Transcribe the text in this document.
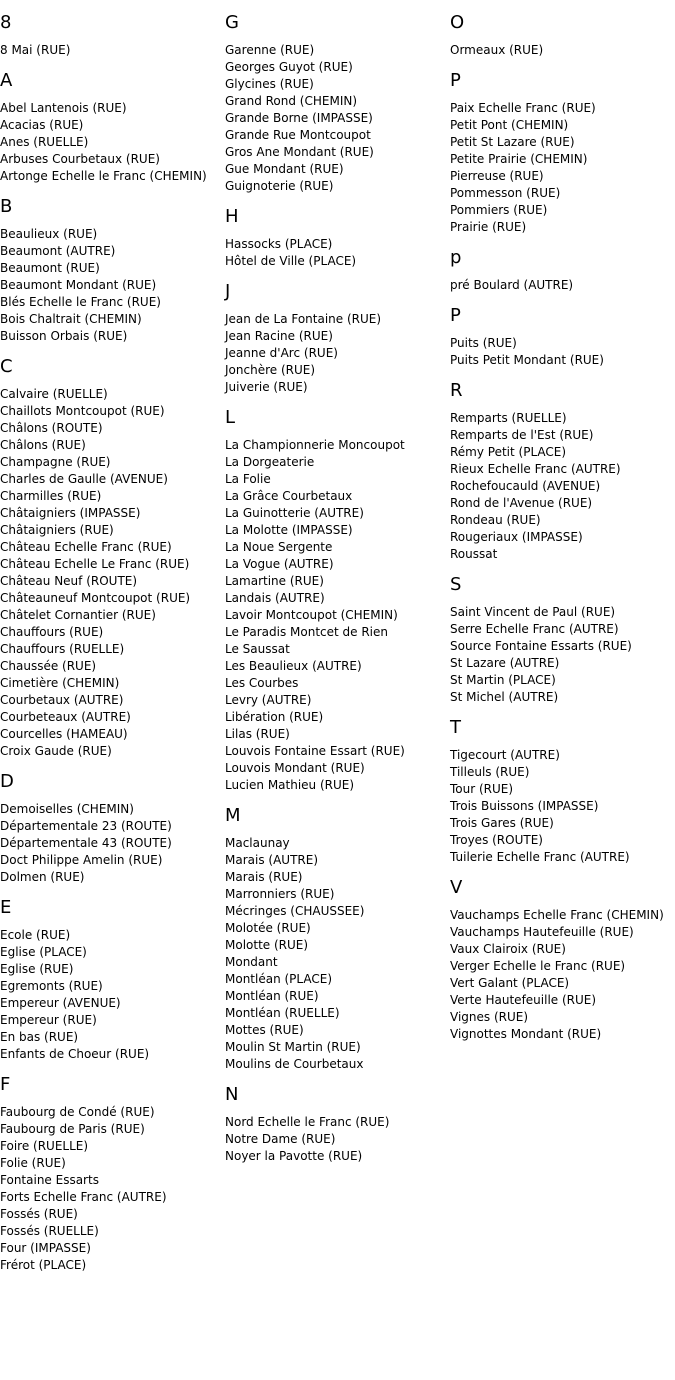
8
8 Mai (RUE)
A
Abel Lantenois (RUE)
Acacias (RUE)
Anes (RUELLE)
Arbuses Courbetaux (RUE)
Artonge Echelle le Franc (CHEMIN)
B
Beaulieux (RUE)
Beaumont (AUTRE)
Beaumont (RUE)
Beaumont Mondant (RUE)
Blés Echelle le Franc (RUE)
Bois Chaltrait (CHEMIN)
Buisson Orbais (RUE)
C
Calvaire (RUELLE)
Chaillots Montcoupot (RUE)
Châlons (ROUTE)
Châlons (RUE)
Champagne (RUE)
Charles de Gaulle (AVENUE)
Charmilles (RUE)
Châtaigniers (IMPASSE)
Châtaigniers (RUE)
Château Echelle Franc (RUE)
Château Echelle Le Franc (RUE)
Château Neuf (ROUTE)
Châteauneuf Montcoupot (RUE)
Châtelet Cornantier (RUE)
Chauffours (RUE)
Chauffours (RUELLE)
Chaussée (RUE)
Cimetière (CHEMIN)
Courbetaux (AUTRE)
Courbeteaux (AUTRE)
Courcelles (HAMEAU)
Croix Gaude (RUE)
D
Demoiselles (CHEMIN)
Départementale 23 (ROUTE)
Départementale 43 (ROUTE)
Doct Philippe Amelin (RUE)
Dolmen (RUE)
E
Ecole (RUE)
Eglise (PLACE)
Eglise (RUE)
Egremonts (RUE)
Empereur (AVENUE)
Empereur (RUE)
En bas (RUE)
Enfants de Choeur (RUE)
F
Faubourg de Condé (RUE)
Faubourg de Paris (RUE)
Foire (RUELLE)
Folie (RUE)
Fontaine Essarts
Forts Echelle Franc (AUTRE)
Fossés (RUE)
Fossés (RUELLE)
Four (IMPASSE)
Frérot (PLACE)
G
Garenne (RUE)
Georges Guyot (RUE)
Glycines (RUE)
Grand Rond (CHEMIN)
Grande Borne (IMPASSE)
Grande Rue Montcoupot
Gros Ane Mondant (RUE)
Gue Mondant (RUE)
Guignoterie (RUE)
H
Hassocks (PLACE)
Hôtel de Ville (PLACE)
J
Jean de La Fontaine (RUE)
Jean Racine (RUE)
Jeanne d'Arc (RUE)
Jonchère (RUE)
Juiverie (RUE)
L
La Championnerie Moncoupot
La Dorgeaterie
La Folie
La Grâce Courbetaux
La Guinotterie (AUTRE)
La Molotte (IMPASSE)
La Noue Sergente
La Vogue (AUTRE)
Lamartine (RUE)
Landais (AUTRE)
Lavoir Montcoupot (CHEMIN)
Le Paradis Montcet de Rien
Le Saussat
Les Beaulieux (AUTRE)
Les Courbes
Levry (AUTRE)
Libération (RUE)
Lilas (RUE)
Louvois Fontaine Essart (RUE)
Louvois Mondant (RUE)
Lucien Mathieu (RUE)
M
Maclaunay
Marais (AUTRE)
Marais (RUE)
Marronniers (RUE)
Mécringes (CHAUSSEE)
Molotée (RUE)
Molotte (RUE)
Mondant
Montléan (PLACE)
Montléan (RUE)
Montléan (RUELLE)
Mottes (RUE)
Moulin St Martin (RUE)
Moulins de Courbetaux
N
Nord Echelle le Franc (RUE)
Notre Dame (RUE)
Noyer la Pavotte (RUE)
O
Ormeaux (RUE)
P
Paix Echelle Franc (RUE)
Petit Pont (CHEMIN)
Petit St Lazare (RUE)
Petite Prairie (CHEMIN)
Pierreuse (RUE)
Pommesson (RUE)
Pommiers (RUE)
Prairie (RUE)
p
pré Boulard (AUTRE)
P
Puits (RUE)
Puits Petit Mondant (RUE)
R
Remparts (RUELLE)
Remparts de l'Est (RUE)
Rémy Petit (PLACE)
Rieux Echelle Franc (AUTRE)
Rochefoucauld (AVENUE)
Rond de l'Avenue (RUE)
Rondeau (RUE)
Rougeriaux (IMPASSE)
Roussat
S
Saint Vincent de Paul (RUE)
Serre Echelle Franc (AUTRE)
Source Fontaine Essarts (RUE)
St Lazare (AUTRE)
St Martin (PLACE)
St Michel (AUTRE)
T
Tigecourt (AUTRE)
Tilleuls (RUE)
Tour (RUE)
Trois Buissons (IMPASSE)
Trois Gares (RUE)
Troyes (ROUTE)
Tuilerie Echelle Franc (AUTRE)
V
Vauchamps Echelle Franc (CHEMIN)
Vauchamps Hautefeuille (RUE)
Vaux Clairoix (RUE)
Verger Echelle le Franc (RUE)
Vert Galant (PLACE)
Verte Hautefeuille (RUE)
Vignes (RUE)
Vignottes Mondant (RUE)
